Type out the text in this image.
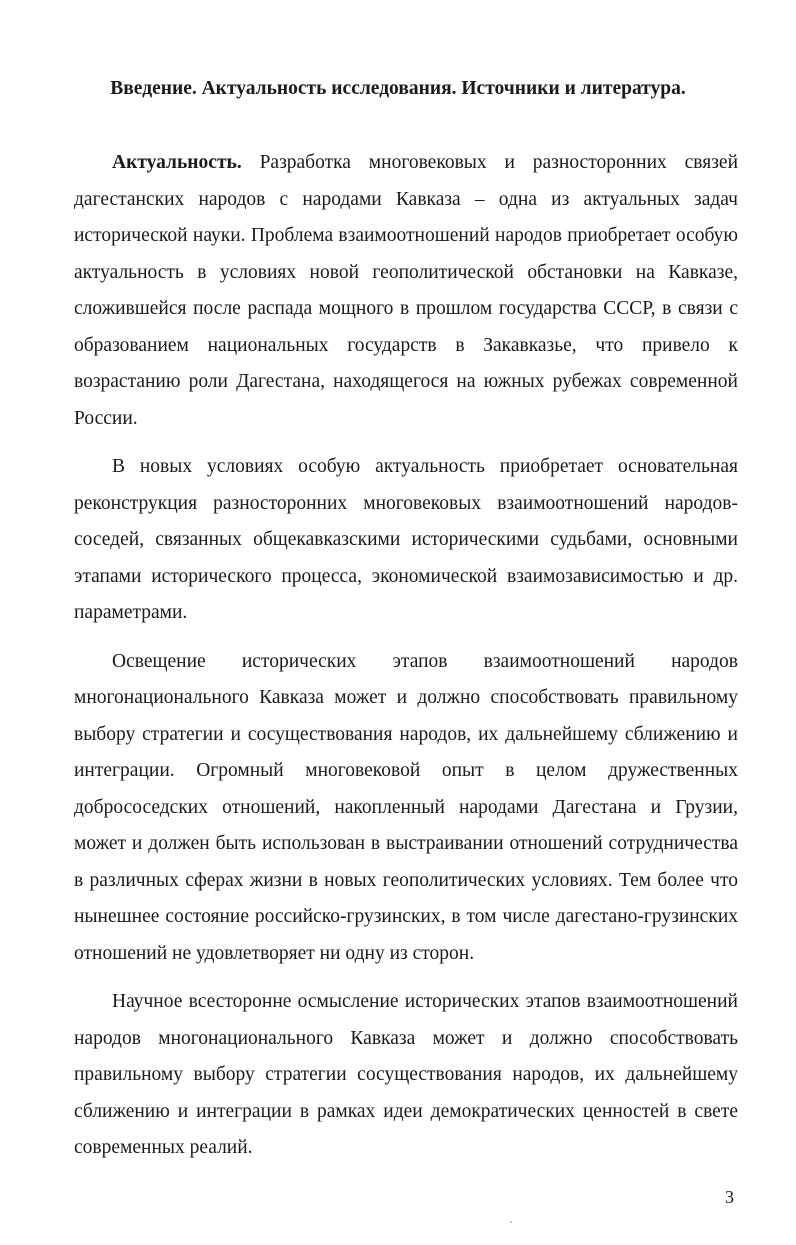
Введение. Актуальность исследования. Источники и литература.

Актуальность. Разработка многовековых и разносторонних связей дагестанских народов с народами Кавказа – одна из актуальных задач исторической науки. Проблема взаимоотношений народов приобретает особую актуальность в условиях новой геополитической обстановки на Кавказе, сложившейся после распада мощного в прошлом государства СССР, в связи с образованием национальных государств в Закавказье, что привело к возрастанию роли Дагестана, находящегося на южных рубежах современной России.

В новых условиях особую актуальность приобретает основательная реконструкция разносторонних многовековых взаимоотношений народов-соседей, связанных общекавказскими историческими судьбами, основными этапами исторического процесса, экономической взаимозависимостью и др. параметрами.

Освещение исторических этапов взаимоотношений народов многонационального Кавказа может и должно способствовать правильному выбору стратегии и сосуществования народов, их дальнейшему сближению и интеграции. Огромный многовековой опыт в целом дружественных добрососедских отношений, накопленный народами Дагестана и Грузии, может и должен быть использован в выстраивании отношений сотрудничества в различных сферах жизни в новых геополитических условиях. Тем более что нынешнее состояние российско-грузинских, в том числе дагестано-грузинских отношений не удовлетворяет ни одну из сторон.

Научное всесторонне осмысление исторических этапов взаимоотношений народов многонационального Кавказа может и должно способствовать правильному выбору стратегии сосуществования народов, их дальнейшему сближению и интеграции в рамках идеи демократических ценностей в свете современных реалий.

3
